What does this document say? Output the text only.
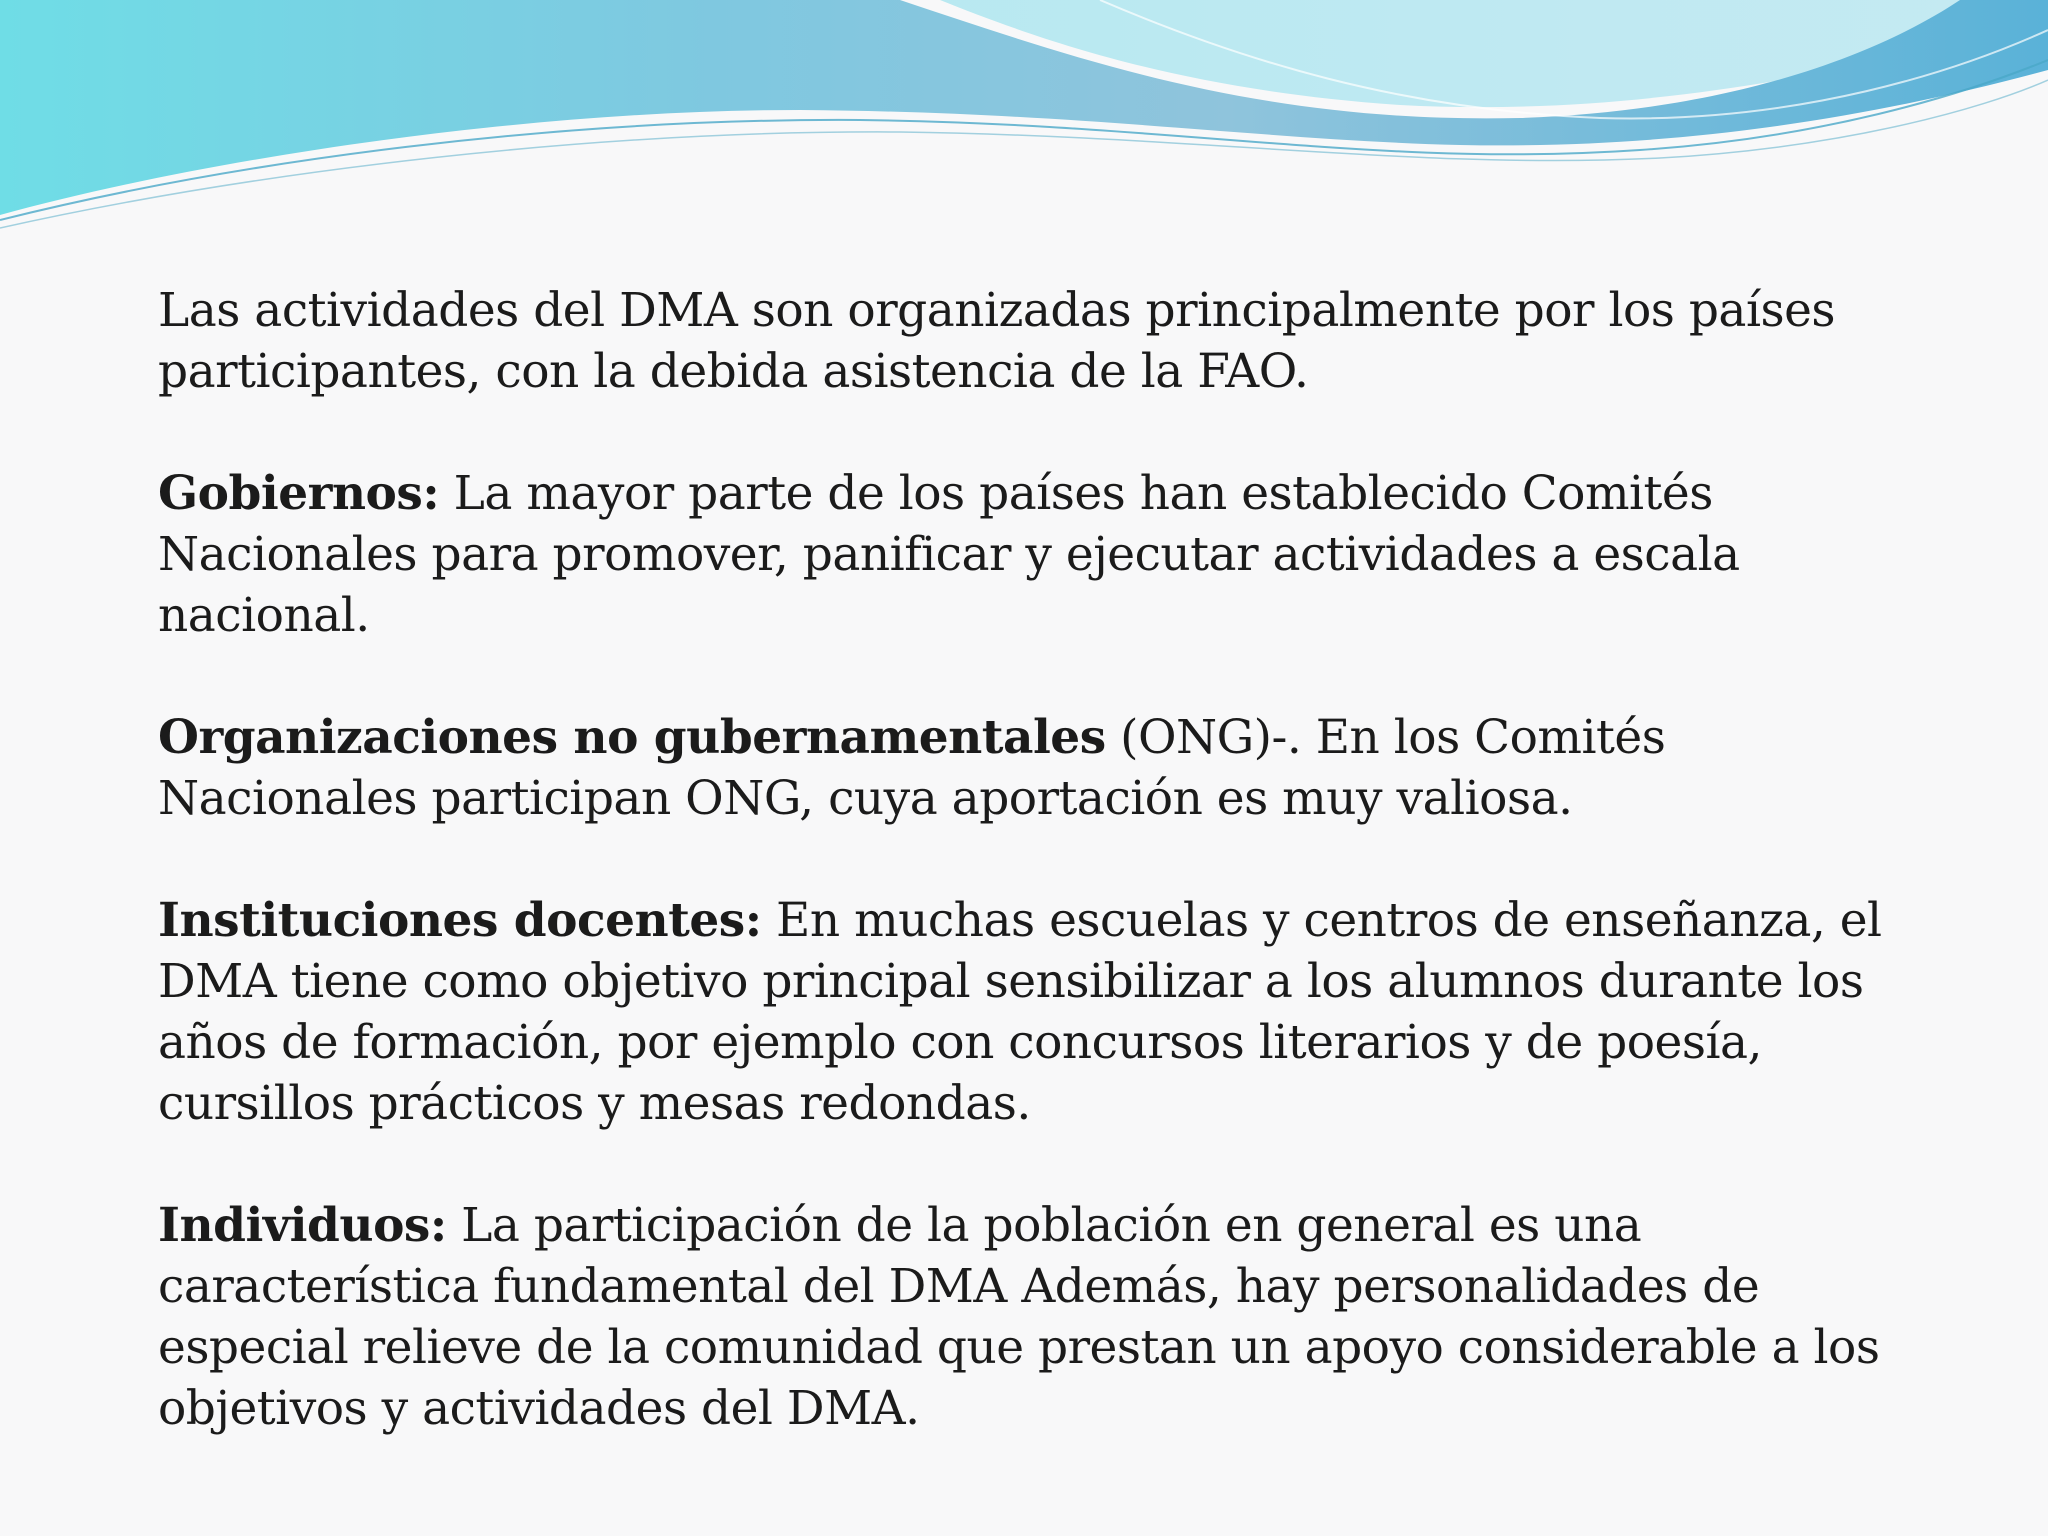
Las actividades del DMA son organizadas principalmente por los países participantes, con la debida asistencia de la FAO.

Gobiernos: La mayor parte de los países han establecido Comités Nacionales para promover, panificar y ejecutar actividades a escala nacional.

Organizaciones no gubernamentales (ONG)-. En los Comités Nacionales participan ONG, cuya aportación es muy valiosa.

Instituciones docentes: En muchas escuelas y centros de enseñanza, el DMA tiene como objetivo principal sensibilizar a los alumnos durante los años de formación, por ejemplo con concursos literarios y de poesía, cursillos prácticos y mesas redondas.

Individuos: La participación de la población en general es una característica fundamental del DMA Además, hay personalidades de especial relieve de la comunidad que prestan un apoyo considerable a los objetivos y actividades del DMA.
